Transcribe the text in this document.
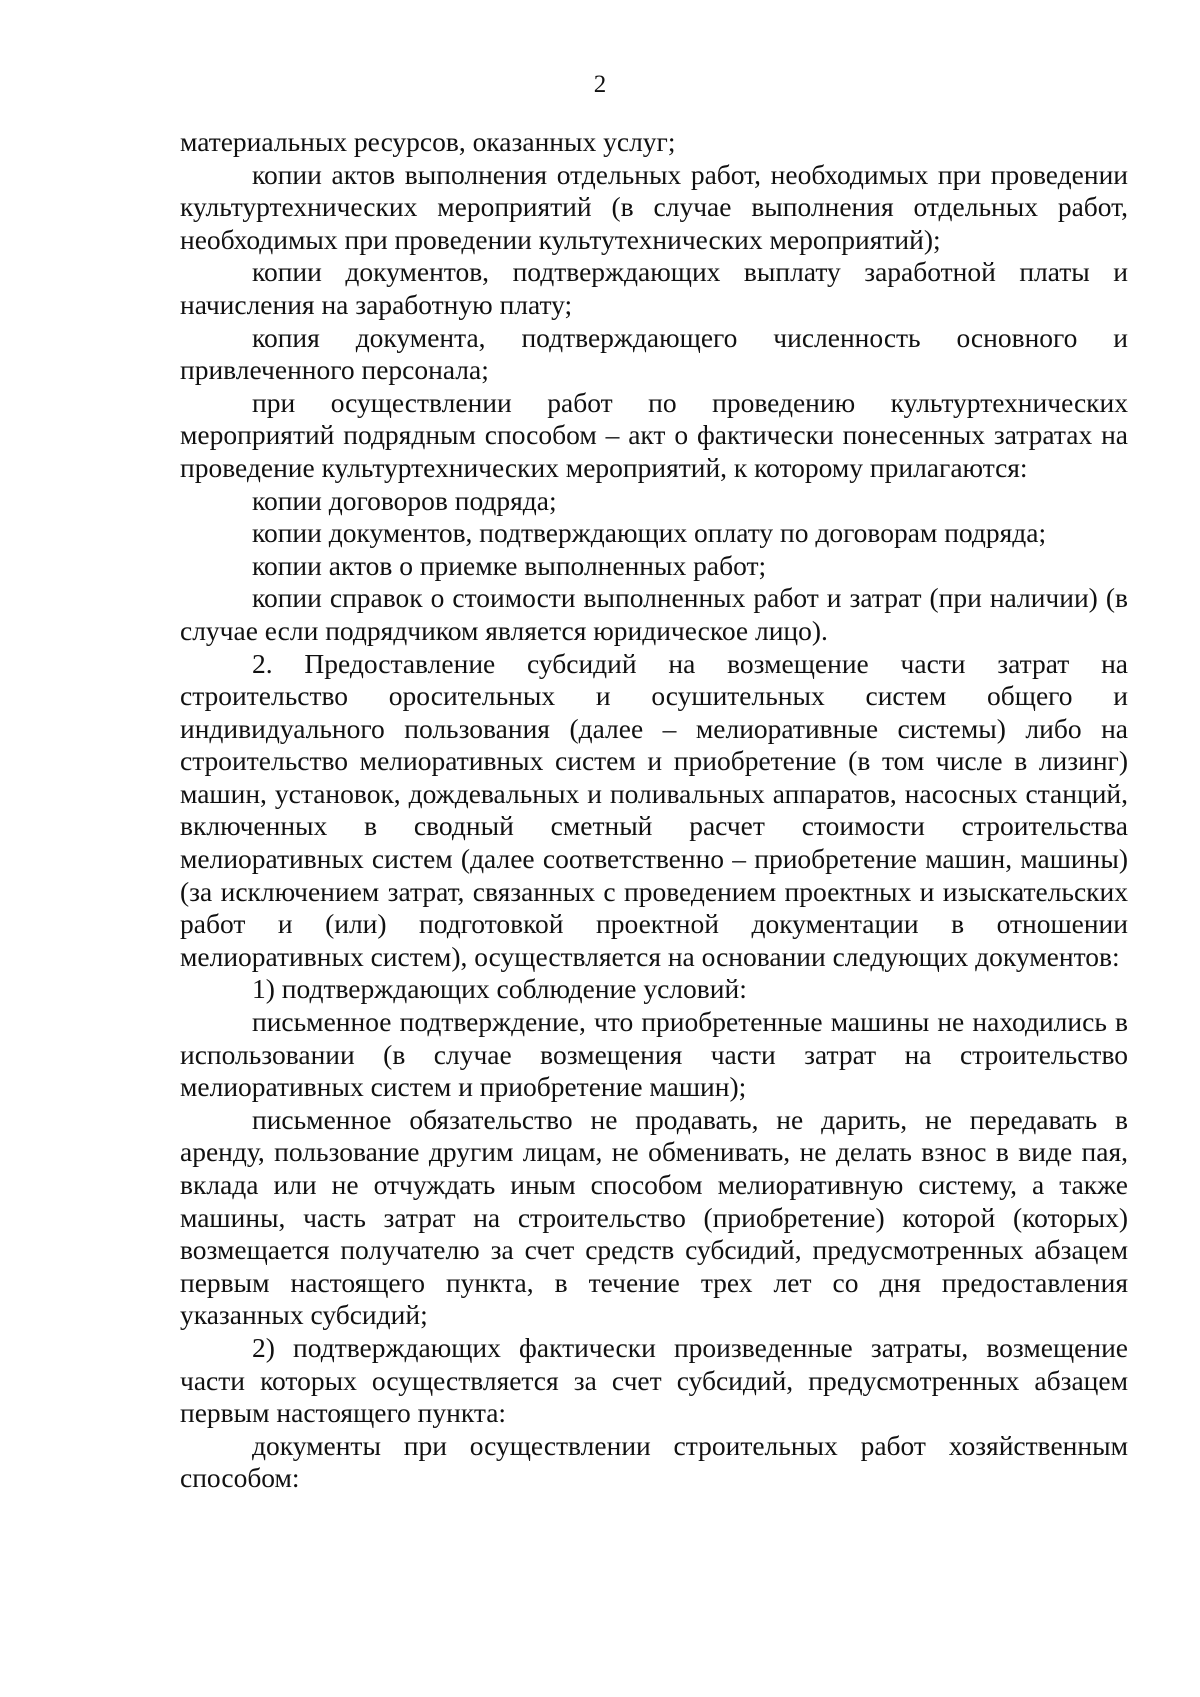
2

материальных ресурсов, оказанных услуг;

копии актов выполнения отдельных работ, необходимых при проведении культуртехнических мероприятий (в случае выполнения отдельных работ, необходимых при проведении культутехнических мероприятий);

копии документов, подтверждающих выплату заработной платы и начисления на заработную плату;

копия документа, подтверждающего численность основного и привлеченного персонала;

при осуществлении работ по проведению культуртехнических мероприятий подрядным способом – акт о фактически понесенных затратах на проведение культуртехнических мероприятий, к которому прилагаются:

копии договоров подряда;

копии документов, подтверждающих оплату по договорам подряда;

копии актов о приемке выполненных работ;

копии справок о стоимости выполненных работ и затрат (при наличии) (в случае если подрядчиком является юридическое лицо).

2. Предоставление субсидий на возмещение части затрат на строительство оросительных и осушительных систем общего и индивидуального пользования (далее – мелиоративные системы) либо на строительство мелиоративных систем и приобретение (в том числе в лизинг) машин, установок, дождевальных и поливальных аппаратов, насосных станций, включенных в сводный сметный расчет стоимости строительства мелиоративных систем (далее соответственно – приобретение машин, машины) (за исключением затрат, связанных с проведением проектных и изыскательских работ и (или) подготовкой проектной документации в отношении мелиоративных систем), осуществляется на основании следующих документов:

1) подтверждающих соблюдение условий:

письменное подтверждение, что приобретенные машины не находились в использовании (в случае возмещения части затрат на строительство мелиоративных систем и приобретение машин);

письменное обязательство не продавать, не дарить, не передавать в аренду, пользование другим лицам, не обменивать, не делать взнос в виде пая, вклада или не отчуждать иным способом мелиоративную систему, а также машины, часть затрат на строительство (приобретение) которой (которых) возмещается получателю за счет средств субсидий, предусмотренных абзацем первым настоящего пункта, в течение трех лет со дня предоставления указанных субсидий;

2) подтверждающих фактически произведенные затраты, возмещение части которых осуществляется за счет субсидий, предусмотренных абзацем первым настоящего пункта:

документы при осуществлении строительных работ хозяйственным способом:
